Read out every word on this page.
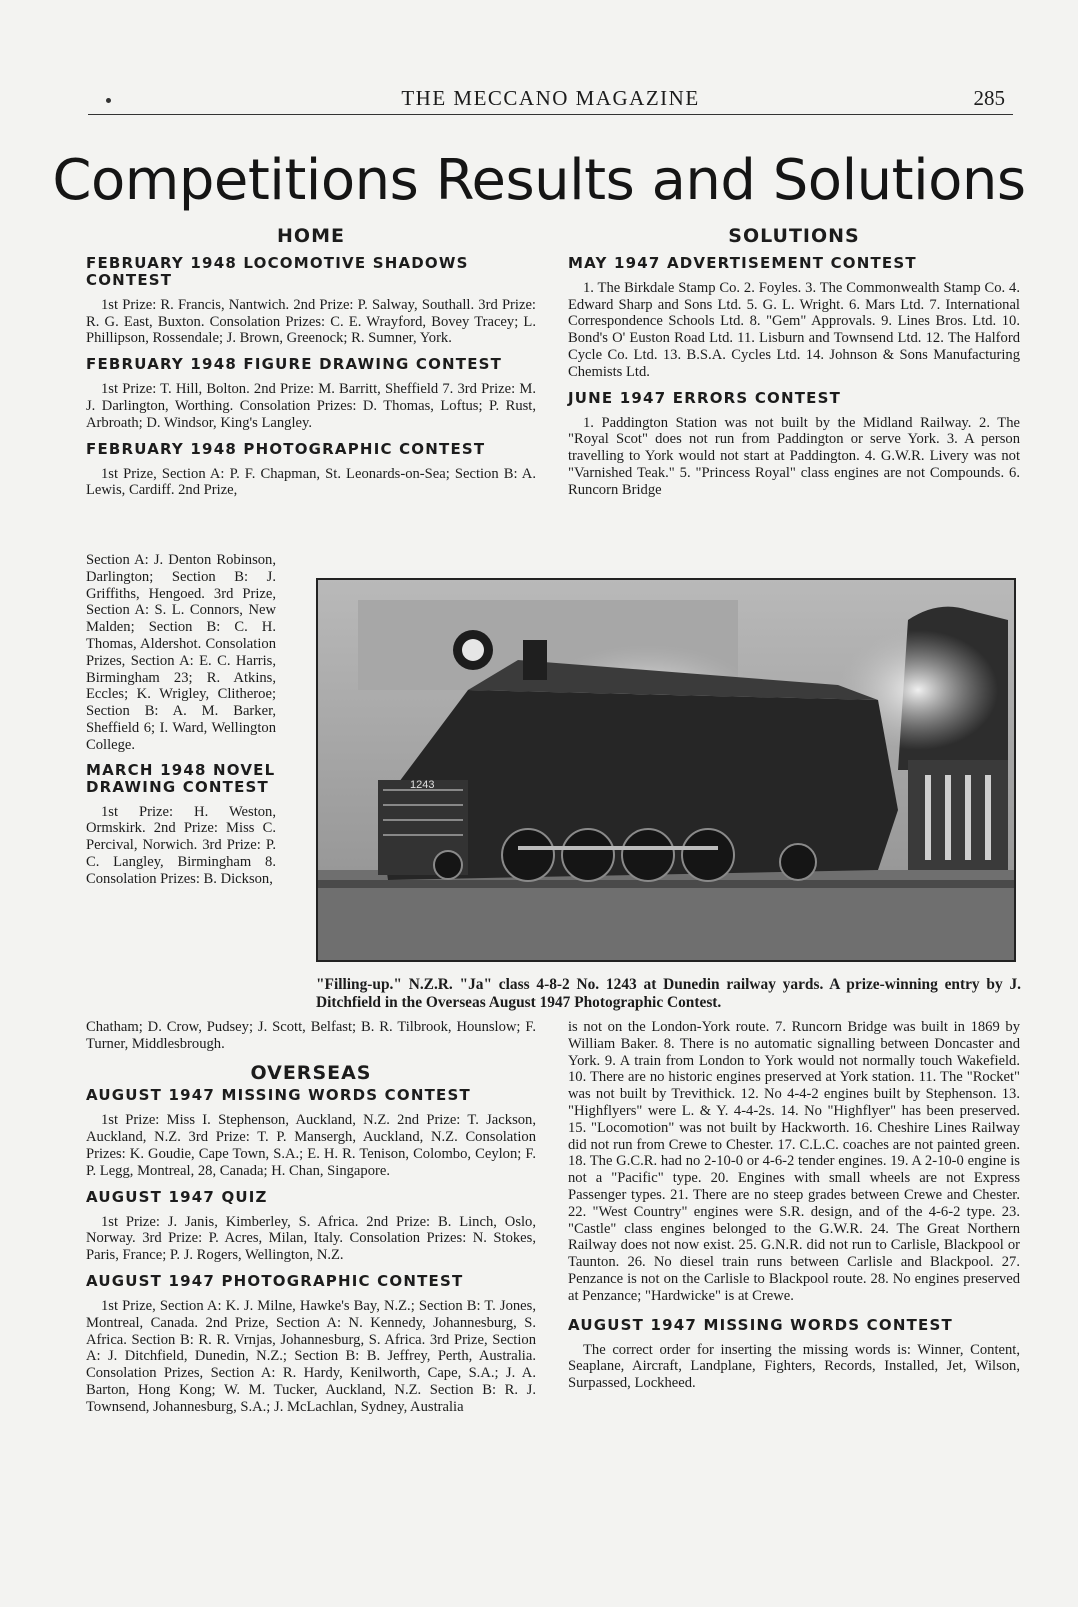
THE MECCANO MAGAZINE	285
Competitions Results and Solutions
HOME
FEBRUARY 1948 LOCOMOTIVE SHADOWS CONTEST

1st Prize: R. Francis, Nantwich. 2nd Prize: P. Salway, Southall. 3rd Prize: R. G. East, Buxton. Consolation Prizes: C. E. Wrayford, Bovey Tracey; L. Phillipson, Rossendale; J. Brown, Greenock; R. Sumner, York.

FEBRUARY 1948 FIGURE DRAWING CONTEST

1st Prize: T. Hill, Bolton. 2nd Prize: M. Barritt, Sheffield 7. 3rd Prize: M. J. Darlington, Worthing. Consolation Prizes: D. Thomas, Loftus; P. Rust, Arbroath; D. Windsor, King's Langley.

FEBRUARY 1948 PHOTOGRAPHIC CONTEST

1st Prize, Section A: P. F. Chapman, St. Leonards-on-Sea; Section B: A. Lewis, Cardiff. 2nd Prize,

Section A: J. Denton Robinson, Darlington; Section B: J. Griffiths, Hengoed. 3rd Prize, Section A: S. L. Connors, New Malden; Section B: C. H. Thomas, Aldershot. Consolation Prizes, Section A: E. C. Harris, Birmingham 23; R. Atkins, Eccles; K. Wrigley, Clitheroe; Section B: A. M. Barker, Sheffield 6; I. Ward, Wellington College.

MARCH 1948 NOVEL DRAWING CONTEST

1st Prize: H. Weston, Ormskirk. 2nd Prize: Miss C. Percival, Norwich. 3rd Prize: P. C. Langley, Birmingham 8. Consolation Prizes: B. Dickson,

Chatham; D. Crow, Pudsey; J. Scott, Belfast; B. R. Tilbrook, Hounslow; F. Turner, Middlesbrough.

OVERSEAS
AUGUST 1947 MISSING WORDS CONTEST

1st Prize: Miss I. Stephenson, Auckland, N.Z. 2nd Prize: T. Jackson, Auckland, N.Z. 3rd Prize: T. P. Mansergh, Auckland, N.Z. Consolation Prizes: K. Goudie, Cape Town, S.A.; E. H. R. Tenison, Colombo, Ceylon; F. P. Legg, Montreal, 28, Canada; H. Chan, Singapore.

AUGUST 1947 QUIZ

1st Prize: J. Janis, Kimberley, S. Africa. 2nd Prize: B. Linch, Oslo, Norway. 3rd Prize: P. Acres, Milan, Italy. Consolation Prizes: N. Stokes, Paris, France; P. J. Rogers, Wellington, N.Z.

AUGUST 1947 PHOTOGRAPHIC CONTEST

1st Prize, Section A: K. J. Milne, Hawke's Bay, N.Z.; Section B: T. Jones, Montreal, Canada. 2nd Prize, Section A: N. Kennedy, Johannesburg, S. Africa. Section B: R. R. Vrnjas, Johannesburg, S. Africa. 3rd Prize, Section A: J. Ditchfield, Dunedin, N.Z.; Section B: B. Jeffrey, Perth, Australia. Consolation Prizes, Section A: R. Hardy, Kenilworth, Cape, S.A.; J. A. Barton, Hong Kong; W. M. Tucker, Auckland, N.Z. Section B: R. J. Townsend, Johannesburg, S.A.; J. McLachlan, Sydney, Australia

SOLUTIONS
MAY 1947 ADVERTISEMENT CONTEST

1. The Birkdale Stamp Co. 2. Foyles. 3. The Commonwealth Stamp Co. 4. Edward Sharp and Sons Ltd. 5. G. L. Wright. 6. Mars Ltd. 7. International Correspondence Schools Ltd. 8. "Gem" Approvals. 9. Lines Bros. Ltd. 10. Bond's O' Euston Road Ltd. 11. Lisburn and Townsend Ltd. 12. The Halford Cycle Co. Ltd. 13. B.S.A. Cycles Ltd. 14. Johnson & Sons Manufacturing Chemists Ltd.

JUNE 1947 ERRORS CONTEST

1. Paddington Station was not built by the Midland Railway. 2. The "Royal Scot" does not run from Paddington or serve York. 3. A person travelling to York would not start at Paddington. 4. G.W.R. Livery was not "Varnished Teak." 5. "Princess Royal" class engines are not Compounds. 6. Runcorn Bridge

1243

"Filling-up." N.Z.R. "Ja" class 4-8-2 No. 1243 at Dunedin railway yards. A prize-winning entry by J. Ditchfield in the Overseas August 1947 Photographic Contest.

is not on the London-York route. 7. Runcorn Bridge was built in 1869 by William Baker. 8. There is no automatic signalling between Doncaster and York. 9. A train from London to York would not normally touch Wakefield. 10. There are no historic engines preserved at York station. 11. The "Rocket" was not built by Trevithick. 12. No 4-4-2 engines built by Stephenson. 13. "Highflyers" were L. & Y. 4-4-2s. 14. No "Highflyer" has been preserved. 15. "Locomotion" was not built by Hackworth. 16. Cheshire Lines Railway did not run from Crewe to Chester. 17. C.L.C. coaches are not painted green. 18. The G.C.R. had no 2-10-0 or 4-6-2 tender engines. 19. A 2-10-0 engine is not a "Pacific" type. 20. Engines with small wheels are not Express Passenger types. 21. There are no steep grades between Crewe and Chester. 22. "West Country" engines were S.R. design, and of the 4-6-2 type. 23. "Castle" class engines belonged to the G.W.R. 24. The Great Northern Railway does not now exist. 25. G.N.R. did not run to Carlisle, Blackpool or Taunton. 26. No diesel train runs between Carlisle and Blackpool. 27. Penzance is not on the Carlisle to Blackpool route. 28. No engines preserved at Penzance; "Hardwicke" is at Crewe.

AUGUST 1947 MISSING WORDS CONTEST

The correct order for inserting the missing words is: Winner, Content, Seaplane, Aircraft, Landplane, Fighters, Records, Installed, Jet, Wilson, Surpassed, Lockheed.
